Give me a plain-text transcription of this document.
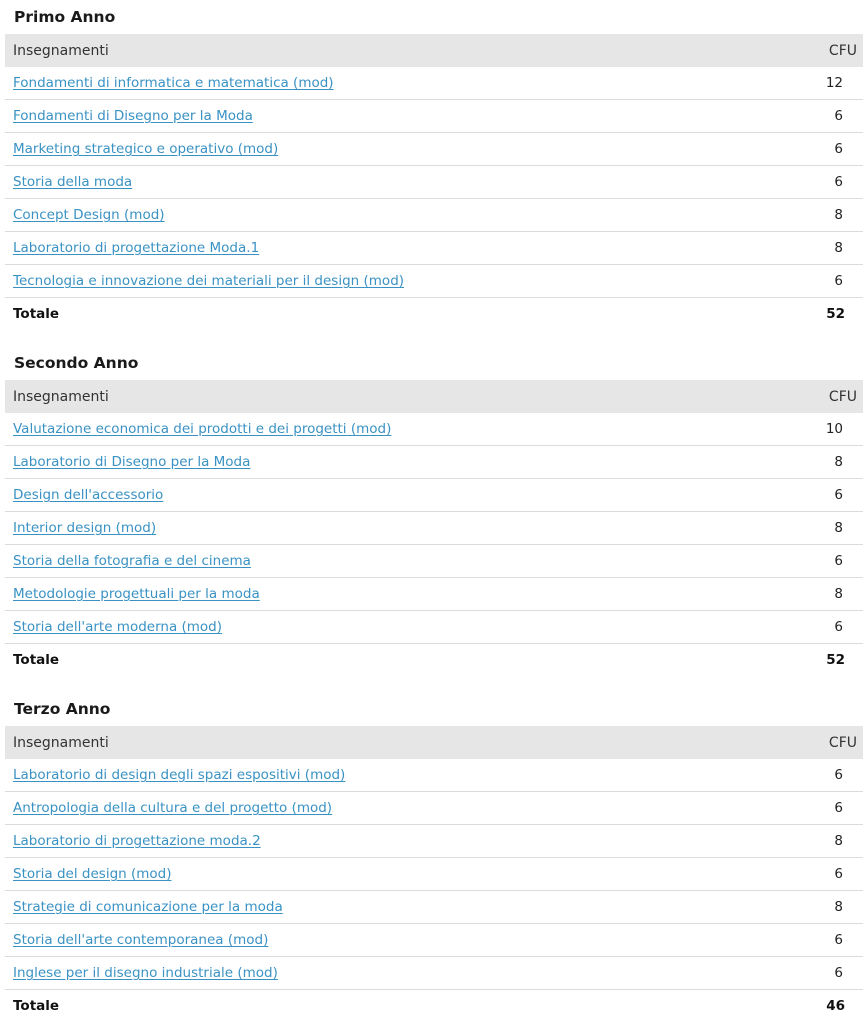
Primo Anno
Insegnamenti	CFU
Fondamenti di informatica e matematica (mod)	12
Fondamenti di Disegno per la Moda	6
Marketing strategico e operativo (mod)	6
Storia della moda	6
Concept Design (mod)	8
Laboratorio di progettazione Moda.1	8
Tecnologia e innovazione dei materiali per il design (mod)	6
Totale	52
Secondo Anno
Insegnamenti	CFU
Valutazione economica dei prodotti e dei progetti (mod)	10
Laboratorio di Disegno per la Moda	8
Design dell'accessorio	6
Interior design (mod)	8
Storia della fotografia e del cinema	6
Metodologie progettuali per la moda	8
Storia dell'arte moderna (mod)	6
Totale	52
Terzo Anno
Insegnamenti	CFU
Laboratorio di design degli spazi espositivi (mod)	6
Antropologia della cultura e del progetto (mod)	6
Laboratorio di progettazione moda.2	8
Storia del design (mod)	6
Strategie di comunicazione per la moda	8
Storia dell'arte contemporanea (mod)	6
Inglese per il disegno industriale (mod)	6
Totale	46
